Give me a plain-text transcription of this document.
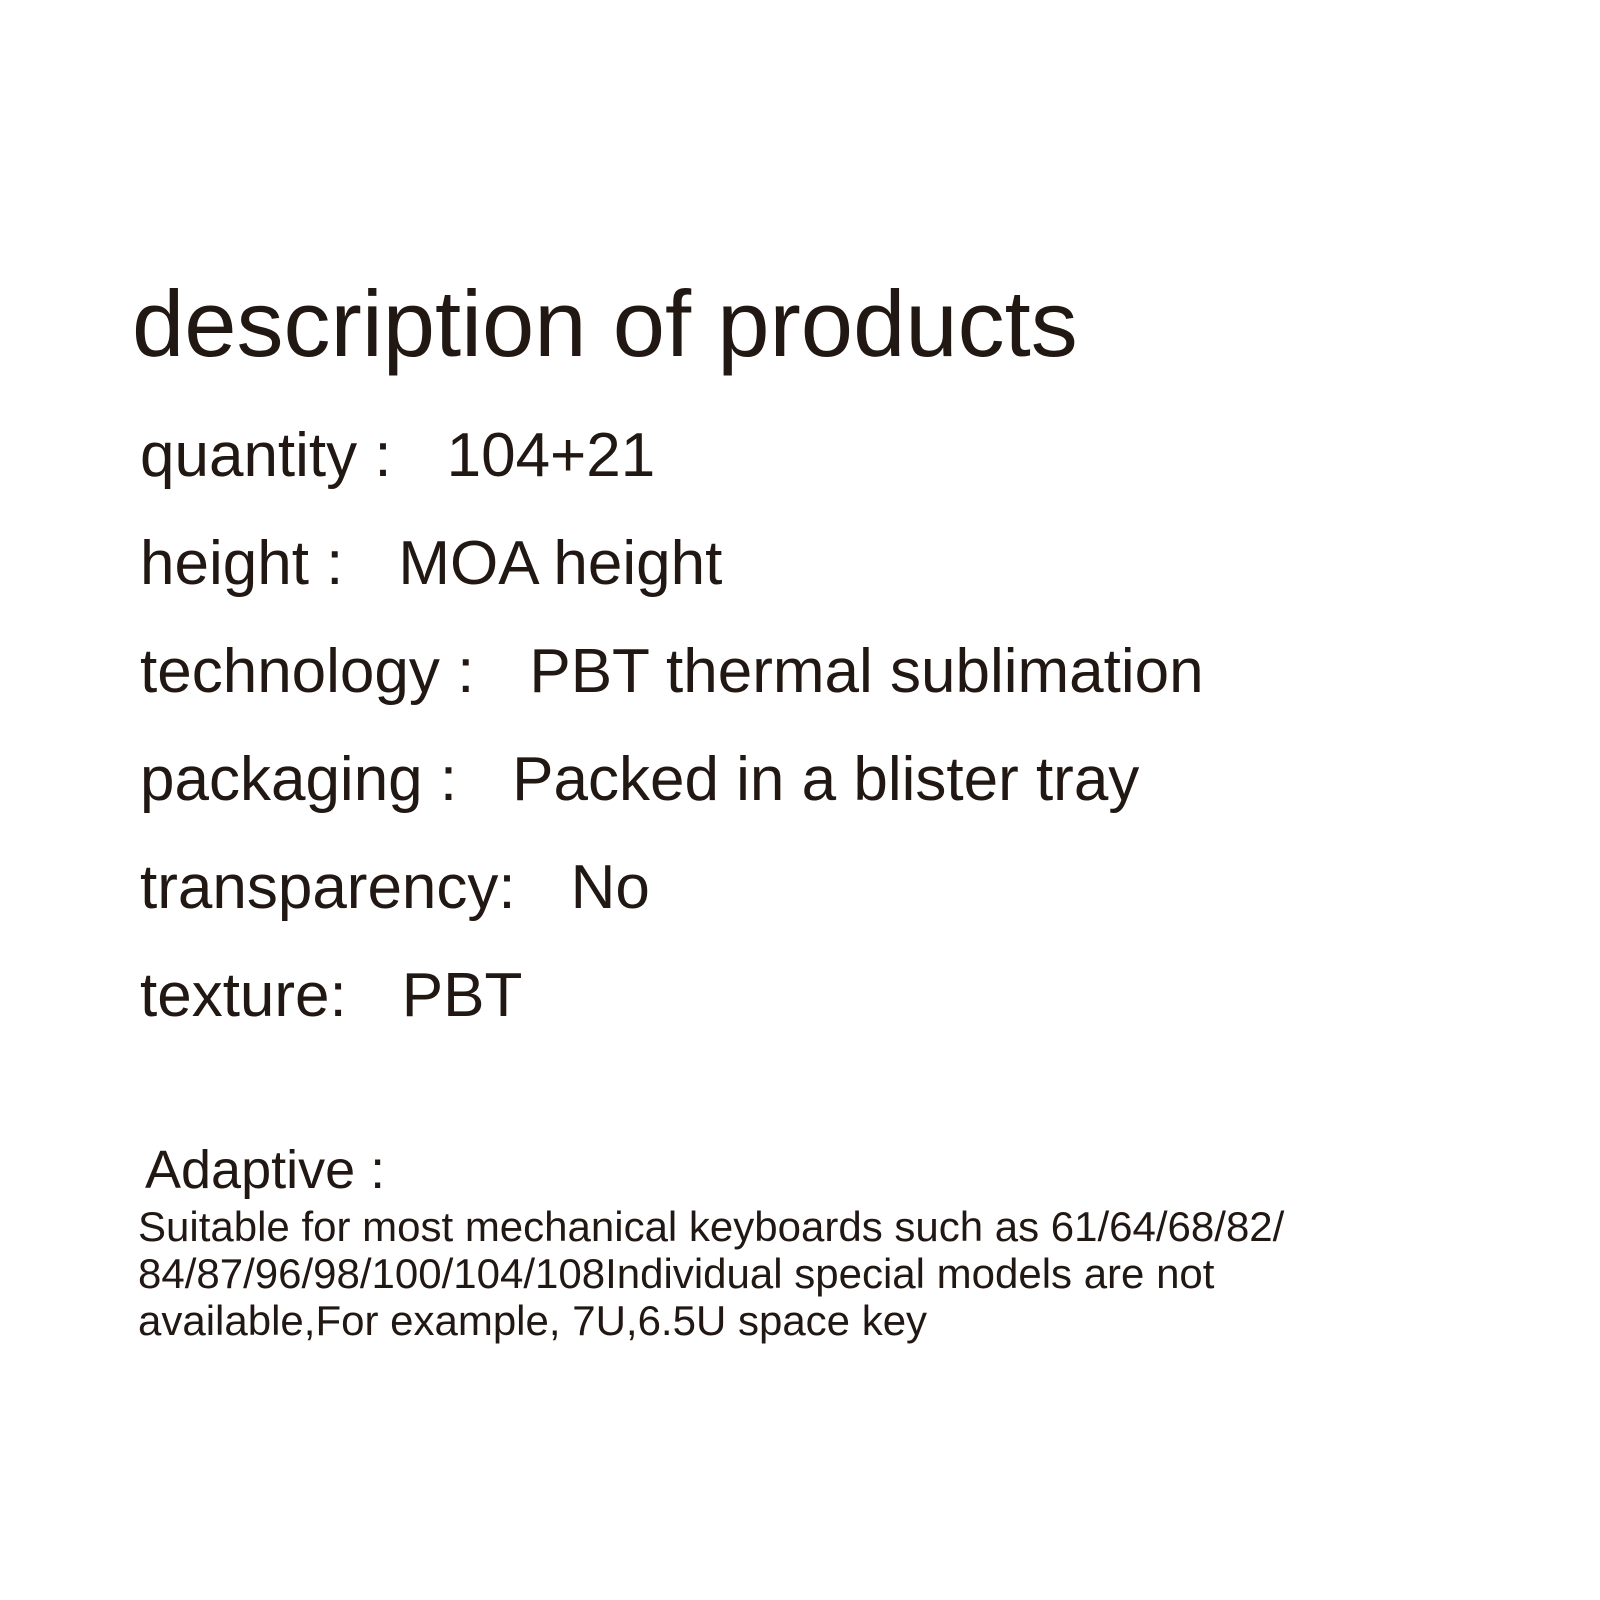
description of products
quantity : 104+21
height : MOA height
technology : PBT thermal sublimation
packaging : Packed in a blister tray
transparency: No
texture: PBT
Adaptive :
Suitable for most mechanical keyboards such as 61/64/68/82/
84/87/96/98/100/104/108Individual special models are not
available,For example, 7U,6.5U space key
